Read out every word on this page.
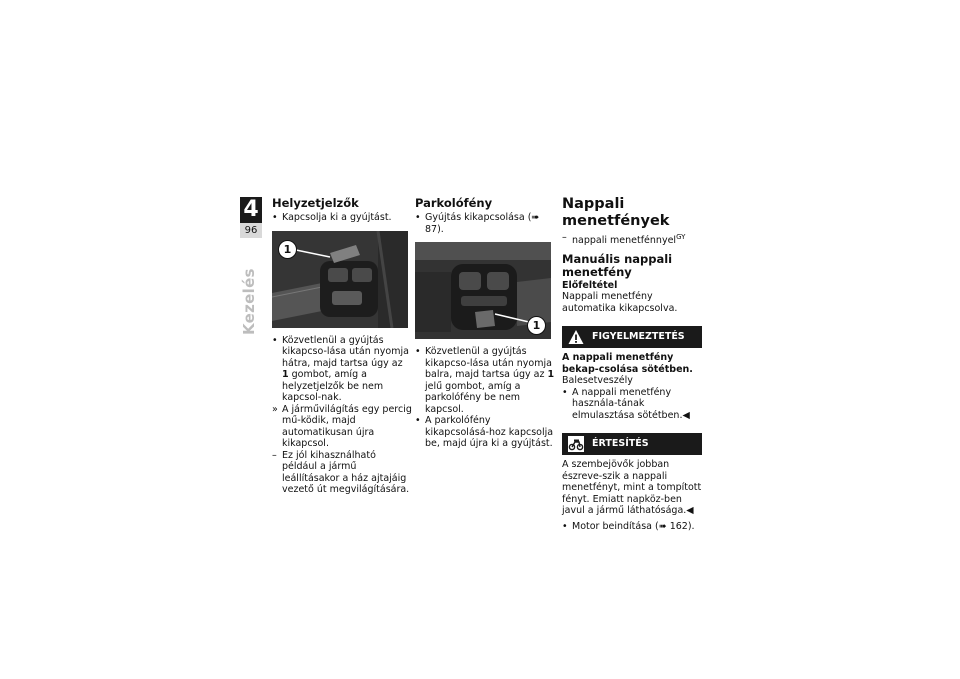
4
96
Kezelés
Helyzetjelzők

• Kapcsolja ki a gyújtást.

1

• Közvetlenül a gyújtás kikapcso-lása után nyomja hátra, majd tartsa úgy az 1 gombot, amíg a helyzetjelzők be nem kapcsol-nak.

» A járművilágítás egy percig mű-ködik, majd automatikusan újra kikapcsol.

– Ez jól kihasználható például a jármű leállításakor a ház ajtajáig vezető út megvilágítására.

Parkolófény

• Gyújtás kikapcsolása (➠ 87).

1

• Közvetlenül a gyújtás kikapcso-lása után nyomja balra, majd tartsa úgy az 1 jelű gombot, amíg a parkolófény be nem kapcsol.

• A parkolófény kikapcsolásá-hoz kapcsolja be, majd újra ki a gyújtást.

Nappali menetfények

– nappali menetfénnyel$^{GY}$

Manuális nappali menetfény
Előfeltétel

Nappali menetfény automatika kikapcsolva.

FIGYELMEZTETÉS

A nappali menetfény bekap-csolása sötétben.

Balesetveszély

• A nappali menetfény használa-tának elmulasztása sötétben.◀

ÉRTESÍTÉS

A szembejövők jobban észreve-szik a nappali menetfényt, mint a tompított fényt. Emiatt napköz-ben javul a jármű láthatósága.◀

• Motor beindítása (➠ 162).
